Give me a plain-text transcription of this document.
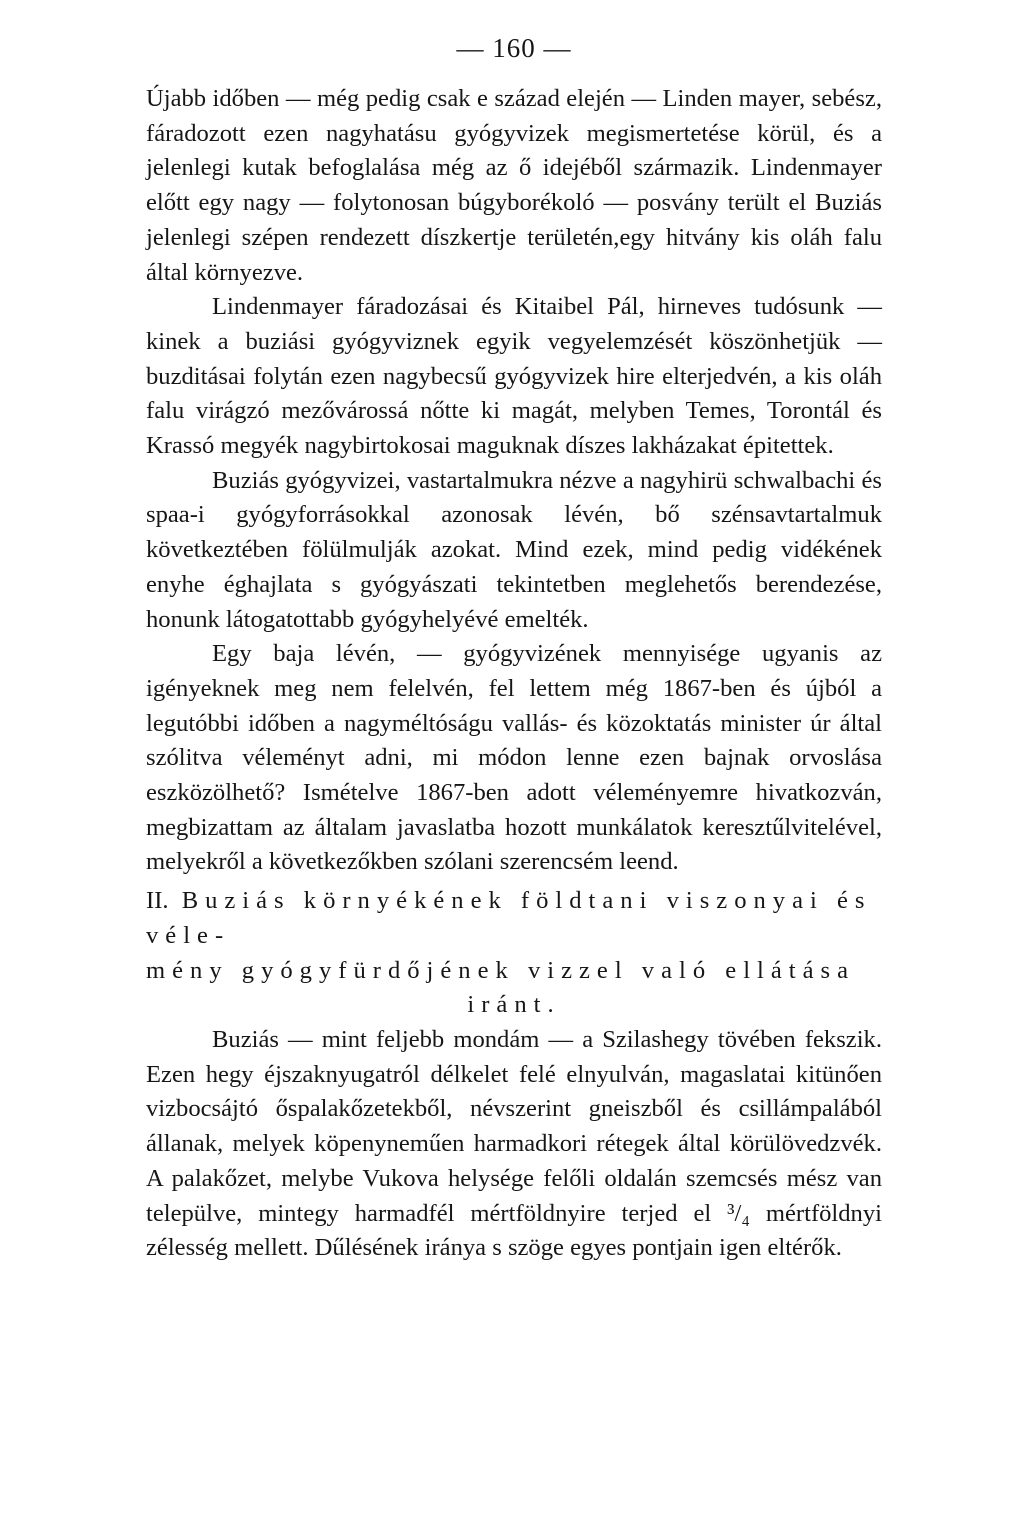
— 160 —

Újabb időben — még pedig csak e század elején — Linden mayer, sebész, fáradozott ezen nagyhatásu gyógyvizek megismertetése körül, és a jelenlegi kutak befoglalása még az ő idejéből származik. Lindenmayer előtt egy nagy — folytonosan búgyborékoló — posvány terült el Buziás jelenlegi szépen rendezett díszkertje területén,egy hitvány kis oláh falu által környezve.

Lindenmayer fáradozásai és Kitaibel Pál, hirneves tudósunk — kinek a buziási gyógyviznek egyik vegyelemzését köszönhetjük — buzditásai folytán ezen nagybecsű gyógyvizek hire elterjedvén, a kis oláh falu virágzó mezővárossá nőtte ki magát, melyben Temes, Torontál és Krassó megyék nagybirtokosai maguknak díszes lakházakat épitettek.

Buziás gyógyvizei, vastartalmukra nézve a nagyhirü schwalbachi és spaa-i gyógyforrásokkal azonosak lévén, bő szénsavtartalmuk következtében fölülmulják azokat. Mind ezek, mind pedig vidékének enyhe éghajlata s gyógyászati tekintetben meglehetős berendezése, honunk látogatottabb gyógyhelyévé emelték.

Egy baja lévén, — gyógyvizének mennyisége ugyanis az igényeknek meg nem felelvén, fel lettem még 1867-ben és újból a legutóbbi időben a nagyméltóságu vallás- és közoktatás minister úr által szólitva véleményt adni, mi módon lenne ezen bajnak orvoslása eszközölhető? Ismételve 1867-ben adott véleményemre hivatkozván, megbizattam az általam javaslatba hozott munkálatok keresztűlvitelével, melyekről a következőkben szólani szerencsém leend.

II. Buziás környékének földtani viszonyai és véle-
mény gyógyfürdőjének vizzel való ellátása
iránt.

Buziás — mint feljebb mondám — a Szilashegy tövében fekszik. Ezen hegy éjszaknyugatról délkelet felé elnyulván, magaslatai kitünően vizbocsájtó őspalakőzetekből, névszerint gneiszből és csillámpalából állanak, melyek köpenyneműen harmadkori rétegek által körülövedzvék. A palakőzet, melybe Vukova helysége felőli oldalán szemcsés mész van települve, mintegy harmadfél mértföldnyire terjed el ³/₄ mértföldnyi zélesség mellett. Dűlésének iránya s szöge egyes pontjain igen eltérők.
